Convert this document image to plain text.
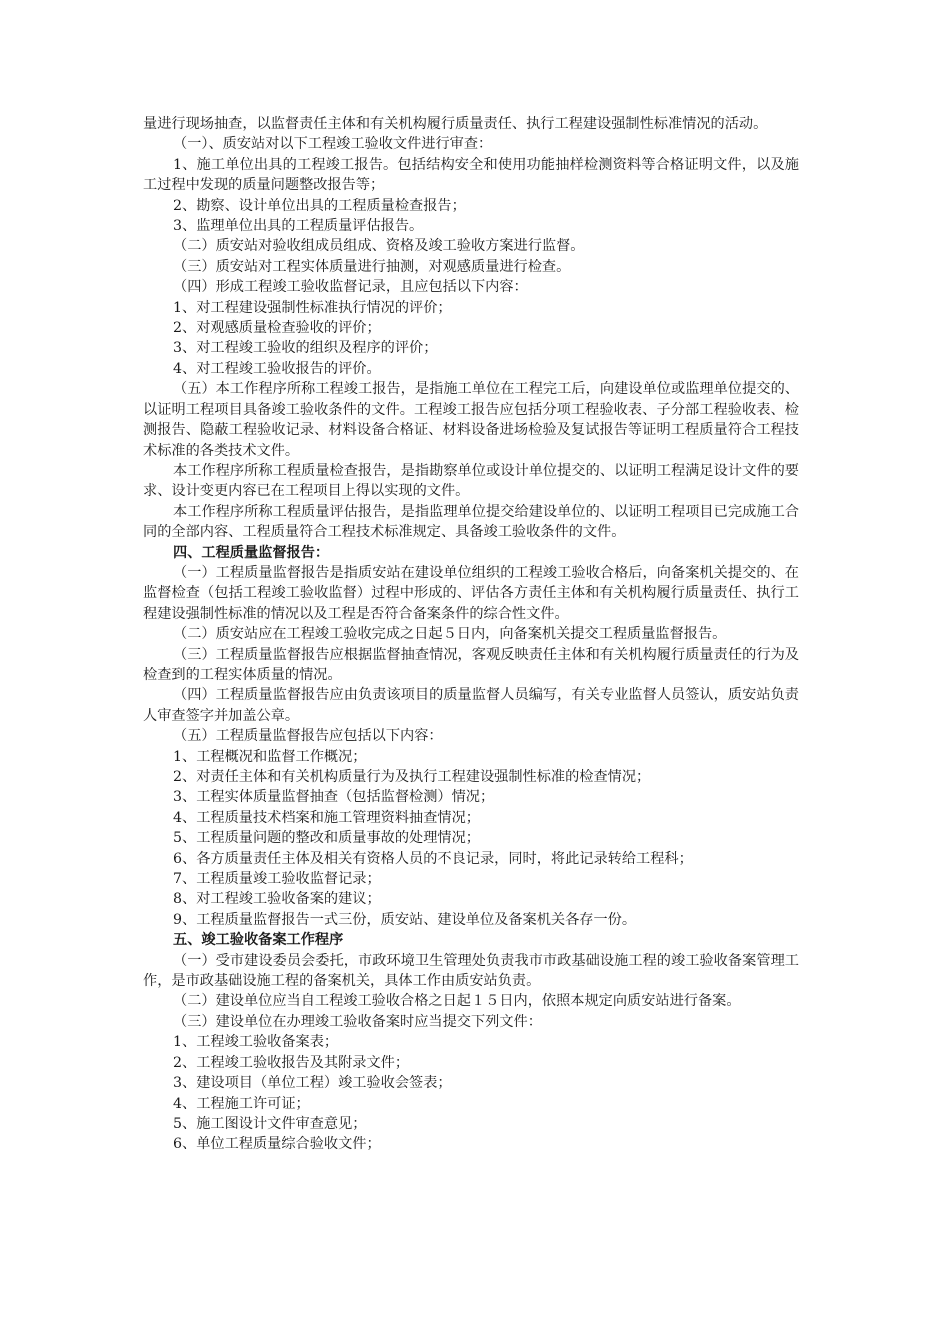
量进行现场抽查，以监督责任主体和有关机构履行质量责任、执行工程建设强制性标准情况的活动。

（一）、质安站对以下工程竣工验收文件进行审查：

1、施工单位出具的工程竣工报告。包括结构安全和使用功能抽样检测资料等合格证明文件，以及施工过程中发现的质量问题整改报告等；

2、勘察、设计单位出具的工程质量检查报告；

3、监理单位出具的工程质量评估报告。

（二）质安站对验收组成员组成、资格及竣工验收方案进行监督。

（三）质安站对工程实体质量进行抽测，对观感质量进行检查。

（四）形成工程竣工验收监督记录，且应包括以下内容：

1、对工程建设强制性标准执行情况的评价；

2、对观感质量检查验收的评价；

3、对工程竣工验收的组织及程序的评价；

4、对工程竣工验收报告的评价。

（五）本工作程序所称工程竣工报告，是指施工单位在工程完工后，向建设单位或监理单位提交的、以证明工程项目具备竣工验收条件的文件。工程竣工报告应包括分项工程验收表、子分部工程验收表、检测报告、隐蔽工程验收记录、材料设备合格证、材料设备进场检验及复试报告等证明工程质量符合工程技术标准的各类技术文件。

本工作程序所称工程质量检查报告，是指勘察单位或设计单位提交的、以证明工程满足设计文件的要求、设计变更内容已在工程项目上得以实现的文件。

本工作程序所称工程质量评估报告，是指监理单位提交给建设单位的、以证明工程项目已完成施工合同的全部内容、工程质量符合工程技术标准规定、具备竣工验收条件的文件。

四、工程质量监督报告：

（一）工程质量监督报告是指质安站在建设单位组织的工程竣工验收合格后，向备案机关提交的、在监督检查（包括工程竣工验收监督）过程中形成的、评估各方责任主体和有关机构履行质量责任、执行工程建设强制性标准的情况以及工程是否符合备案条件的综合性文件。

（二）质安站应在工程竣工验收完成之日起５日内，向备案机关提交工程质量监督报告。

（三）工程质量监督报告应根据监督抽查情况，客观反映责任主体和有关机构履行质量责任的行为及检查到的工程实体质量的情况。

（四）工程质量监督报告应由负责该项目的质量监督人员编写，有关专业监督人员签认，质安站负责人审查签字并加盖公章。

（五）工程质量监督报告应包括以下内容：

1、工程概况和监督工作概况；

2、对责任主体和有关机构质量行为及执行工程建设强制性标准的检查情况；

3、工程实体质量监督抽查（包括监督检测）情况；

4、工程质量技术档案和施工管理资料抽查情况；

5、工程质量问题的整改和质量事故的处理情况；

6、各方质量责任主体及相关有资格人员的不良记录，同时，将此记录转给工程科；

7、工程质量竣工验收监督记录；

8、对工程竣工验收备案的建议；

9、工程质量监督报告一式三份，质安站、建设单位及备案机关各存一份。

五、竣工验收备案工作程序

（一）受市建设委员会委托，市政环境卫生管理处负责我市市政基础设施工程的竣工验收备案管理工作，是市政基础设施工程的备案机关，具体工作由质安站负责。

（二）建设单位应当自工程竣工验收合格之日起１５日内，依照本规定向质安站进行备案。

（三）建设单位在办理竣工验收备案时应当提交下列文件：

1、工程竣工验收备案表；

2、工程竣工验收报告及其附录文件；

3、建设项目（单位工程）竣工验收会签表；

4、工程施工许可证；

5、施工图设计文件审查意见；

6、单位工程质量综合验收文件；
